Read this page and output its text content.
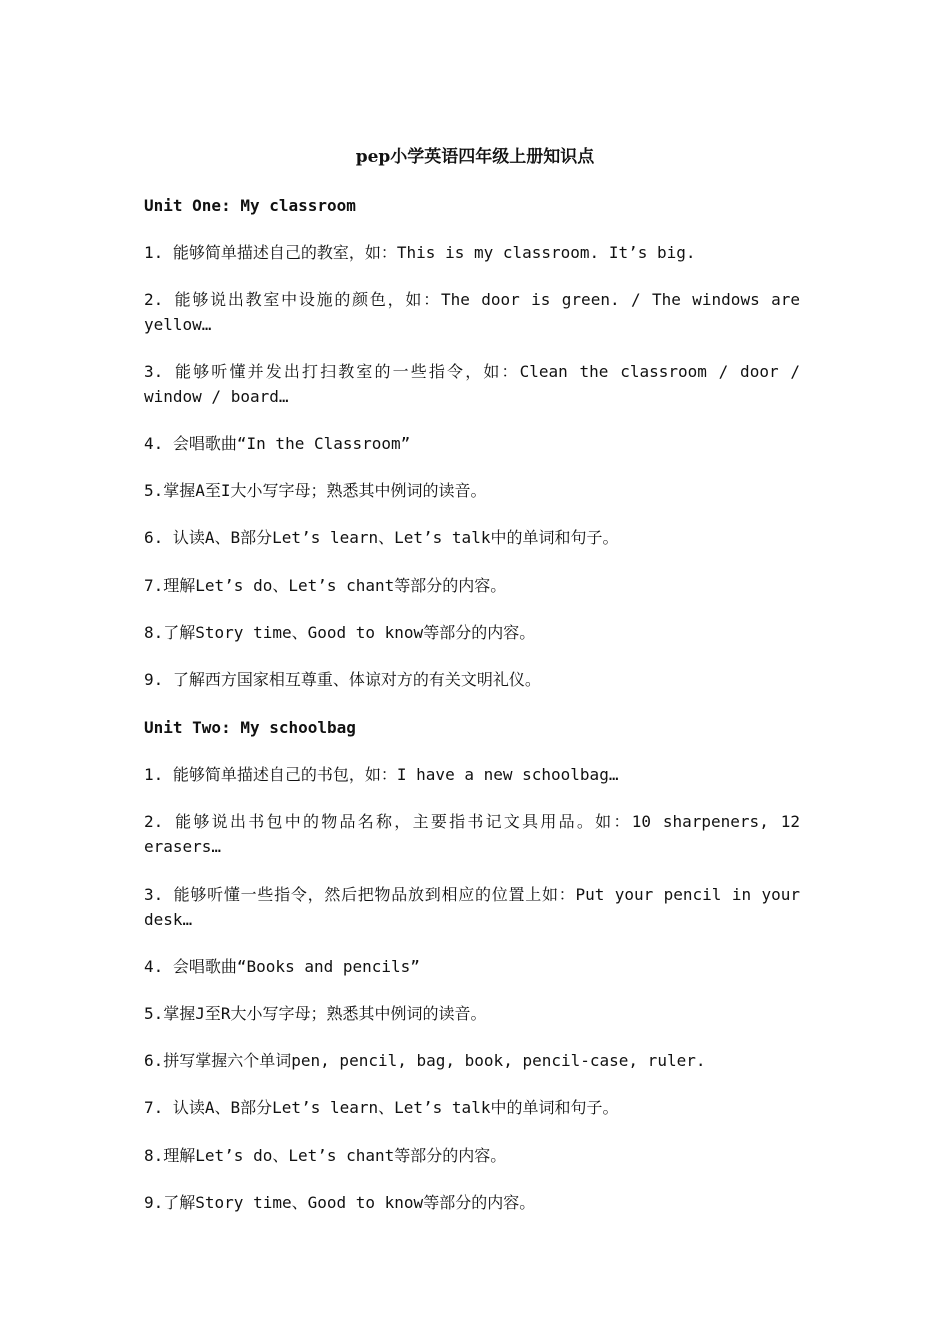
pep小学英语四年级上册知识点
Unit One: My classroom
1. 能够简单描述自己的教室，如：This is my classroom. It’s big.
2. 能够说出教室中设施的颜色，如：The door is green. / The windows are yellow…
3. 能够听懂并发出打扫教室的一些指令，如：Clean the classroom / door / window / board…
4. 会唱歌曲“In the Classroom”
5.掌握A至I大小写字母；熟悉其中例词的读音。
6. 认读A、B部分Let’s learn、Let’s talk中的单词和句子。
7.理解Let’s do、Let’s chant等部分的内容。
8.了解Story time、Good to know等部分的内容。
9. 了解西方国家相互尊重、体谅对方的有关文明礼仪。
Unit Two: My schoolbag
1. 能够简单描述自己的书包，如：I have a new schoolbag…
2. 能够说出书包中的物品名称，主要指书记文具用品。如：10 sharpeners, 12 erasers…
3. 能够听懂一些指令，然后把物品放到相应的位置上如：Put your pencil in your desk…
4. 会唱歌曲“Books and pencils”
5.掌握J至R大小写字母；熟悉其中例词的读音。
6.拼写掌握六个单词pen, pencil, bag, book, pencil-case, ruler.
7. 认读A、B部分Let’s learn、Let’s talk中的单词和句子。
8.理解Let’s do、Let’s chant等部分的内容。
9.了解Story time、Good to know等部分的内容。
